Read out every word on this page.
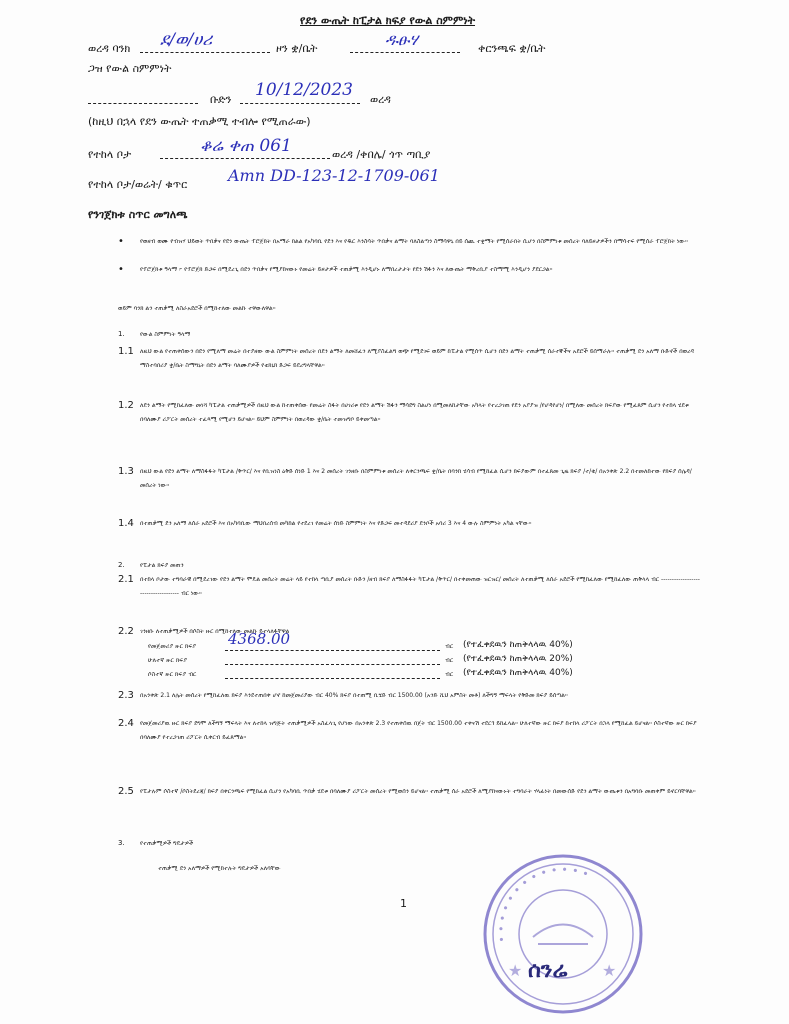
የደን ውጤት ከፒታል ክፍያ የውል ስምምነት
ወረዳ ባንክ ደ/ወ/ሀሪ	ዞን ቋ/ቤት	ዱፁሃ	ቀርንጫፍ ቋ/ቤት
ጋዝ የውል ስምምነት
ቡድን 10/12/2023 ወረዳ
(ከዚህ በኋላ የደን ውጤት ተጠቃሚ ተብሎ የሚጠራው)
የተከላ ቦታ	ቆሬ ቀጠ 061	ወረዳ /ቀበሌ/ ጎጥ ጣቢያ
የተከላ ቦታ/ወሬት/ ቁጥር	Amn DD-123-12-1709-061
የንገጀክቱ ስጥር መግለጫ
•	የወዘብ ወሙ የብዝሃ ህይወት ጥበቃና የደን ውጤት ፕሮጀክት በአማራ ክልል የአካባቢ የደን እና የዱር እንስሳት ጥበቃና ልማት ባለስልጣን ስማሳዋኒ በይ ሰጪ ተቋማት የሚሰራበት ሲሆን በስምምነቱ መሰረት ባለይዞታዎችን በማሳተፍ የሚሰራ ፕሮጀክት ነው፡፡
•	የፕሮጀክቱ ዓላማ ፦ የፕሮጀክ ድጋፍ በሚደረጊ በደን ጥበቃና የሚያከናውኑ የመሬት ይዞታዎች ተጠቃሚ እንዲሆኑ ለማበረታታት የደን ሽፋን እና ለውጤት ማቅረቢያ ተስማሚ እንዲሆን ያደርጋል፡፡
ወይም ባንክ ልን ተጠቃሚ ለስራአደሮች በሚከተለው መልኩ ተዋውለዋል፡፡
1.	የውል ስምምነት ዓላማ
1.1 ለዚህ ውል የተጠቀሰውን በደን የሚለማ መሬት በተያዘው ውል ስምምነት መሰረት በደን ልማት ለመሸፈን ለሚያስፈልግ ወጭ የሚደገፍ ወይም ከፒታል የሚሰጥ ሲሆን በደን ልማት ተጠቃሚ ሰራተኞችና አደሮች ይሰማራሉ፡፡ ተጠቃሚ ደን አለማ ቡድኖች በወረዳ ማስተባበሪያ ቋ/ቤት ስማግኒት በደን ልማት ባለሙያዎች የቴክኒክ ድጋፍ ይደረግላቸዋል፡፡
1.2 ለደን ልማት የሚከፈለው መነሻ ካፒታል ተጠቃሚዎች በዚህ ውል ከተጠቀሰው የመሬት ስፋት በሀገሪቱ የደን ልማት ሽፋን ማሳደግ ስልሆነ በሚመለከታቸው አካላት የተረጋገጠ የደን አያያዝ /የሆዳየሆነ/ በሚለው መሰረት ክፍያው የሚፈጸም ሲሆን የተከላ ሂደቱ በባለሙያ ሪፖርት መሰረት ተፈጻሚ የሚሆን ይሆናል፡፡ ይህም ስምምነት በወረዳው ቋ/ቤት ተመዝግቦ ይቀመጣል፡፡
1.3 በዚህ ውል የደን ልማት ለማስፋፋት ካፒታል /ቅጥር/ እና የቢዝነስ ዕቅድ ሰነድ 1 እና 2 መሰረት ገንዘቡ በስምምነቱ መሰረት ለቀርንጫፍ ቋ/ቤት በባንክ ሂሳብ የሚከፈል ሲሆን ክፍያውም በተፈጸመ ጊዜ ክፍያ /ተ/ቁ/ በአንቀጽ 2.2 በተመለከተው የክፍያ ሰሌዳ/ መሰረት ነው፡፡
1.4 በተጠቃሚ ደን አለማ ለሰራ አደሮች እና በአካባቢው ማህበረሰብ መካከል የተደረገ የመሬት ሰነድ ስምምነት እና የድጋፍ መተዳደሪያ ደንቦች አባሪ 3 እና 4 ውሉ ስምምነት አካል ናቸው፡፡
2.	የፒታል ክፍያ መጠን
2.1 በተከላ ቦታው ተግባራዊ በሚደረገው የደን ልማት ሞዴል መሰረት መሬት ላይ የተከላ ጣቢያ መሰረት ቡድን /ዘብ ክፍያ ለማስፋፋት ካፒታል /ቅጥር/ በተቀመጠው ዝርዝር/ መሰረት ለተጠቃሚ ለሰራ አደሮች የሚከፈለው የሚከፈለው ጠቅላላ ብር ------------------------------------ ብር ነው፡፡
2.2 ገንዘቡ ለተጠቃሚዎች በሶስት ዙር በሚከተለው መልኩ ይተላለፋቸዋል
የመጀመሪያ ዙር ክፍያ 4368.00	ብር (የተፈቀደዉን ከጠቅላላዉ 40%)
ሁለተኛ ዙር ክፍያ	ብር (የተፈቀደዉን ከጠቅላላዉ 20%)
ሶስተኛ ዙር ክፍያ ብር	ብር (የተፈቀደዉን ከጠቅላላዉ 40%)
2.3 በአንቀጽ 2.1 ለሌት መሰረት የሚከፈለዉ ክፍያ እንደተጠበቀ ሆኖ ከመጀመሪያው ብር 40% ክፍያ በተጠሚ ቢሄድ ብር 1500.00 (አንድ ሺህ አምስት መቶ) ለችግኝ ማፍላት የቅድመ ክፍያ ይሰጣል፡፡
2.4 የመጀመሪያዉ ዙር ክፍያ ደግሞ ለችግኝ ማፍላት እና ለተከላ ዝግጅት ተጠቃሚዎች አስፈላጊ የሆነው በአንቀጽ 2.3 የተጠቀሰዉ በጀት ብር 1500.00 ተቀናሽ ተደርጎ ይከፈላል፡፡ ሁለተኛው ዙር ክፍያ ከተከላ ሪፖርት በኋላ የሚከፈል ይሆናል፡፡ ሶስተኛው ዙር ክፍያ በባለሙያ የተረጋገጠ ሪፖርት ሲቀርብ ይፈጸማል፡፡
2.5 የፒታሉም ሶስተኛ /ሶስትደረጃ/ ክፍያ በቀርንጫፍ የሚከፈል ሲሆን የአካባቢ ጥበቃ ሂደቱ በባለሙያ ሪፖርት መሰረት የሚወሰን ይሆናል፡፡ ተጠቃሚ ሰራ አደሮች ለሚያከናውኑት ተግባራት ሃላፊነት በመውሰድ የደን ልማት ውጤቱን በአግባቡ መጠቀም ይኖርባቸዋል፡፡
3.	የተጠቃሚዎች ግዴታዎች
ተጠቃሚ ደን አለማዎች የሚከተሉት ግዴታዎች አለባቸው
1
• • • • • • • • • • • • •
★	★
ሰንሬ
